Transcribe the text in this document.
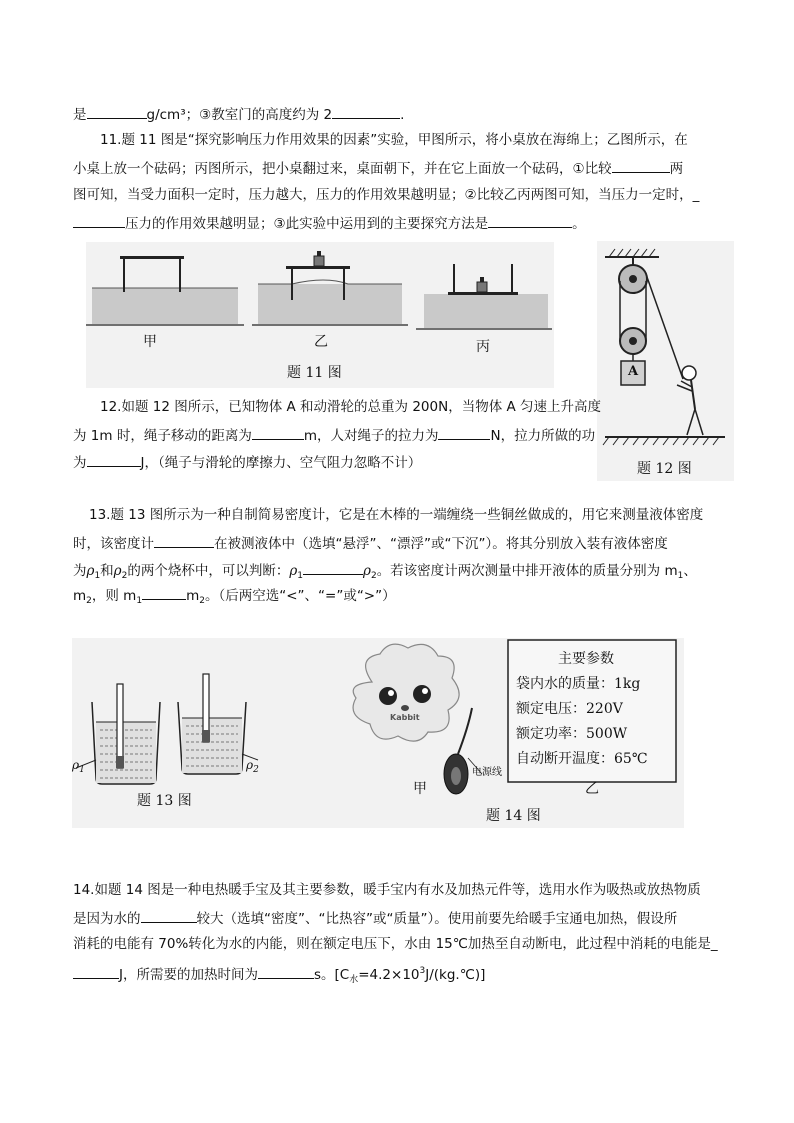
是	g/cm³；③教室门的高度约为 2	.
11.题 11 图是“探究影响压力作用效果的因素”实验，甲图所示，将小桌放在海绵上；乙图所示，在
小桌上放一个砝码；丙图所示，把小桌翻过来，桌面朝下，并在它上面放一个砝码，①比较	两
图可知，当受力面积一定时，压力越大，压力的作用效果越明显；②比较乙丙两图可知，当压力一定时，_
压力的作用效果越明显；③此实验中运用到的主要探究方法是	。
甲	乙	丙
题 11 图	A
题 12 图
12.如题 12 图所示，已知物体 A 和动滑轮的总重为 200N，当物体 A 匀速上升高度
为 1m 时，绳子移动的距离为	m，人对绳子的拉力为	N，拉力所做的功
为	J，（绳子与滑轮的摩擦力、空气阻力忽略不计）
13.题 13 图所示为一种自制简易密度计，它是在木棒的一端缠绕一些铜丝做成的，用它来测量液体密度
时，该密度计	在被测液体中（选填“悬浮”、“漂浮”或“下沉”）。将其分别放入装有液体密度
为$\rho_1$和$\rho_2$的两个烧杯中，可以判断：$\rho_1$	$\rho_2$。若该密度计两次测量中排开液体的质量分别为 $m_1$、
$m_2$，则 $m_1$	$m_2$。（后两空选“<”、“=”或“>”）
$\rho_1$	$\rho_2$
题 13 图
Kabbit
电源线
甲	乙
题 14 图
主要参数
袋内水的质量：1kg
额定电压：220V
额定功率：500W
自动断开温度：65℃
14.如题 14 图是一种电热暖手宝及其主要参数，暖手宝内有水及加热元件等，选用水作为吸热或放热物质
是因为水的	较大（选填“密度”、“比热容”或“质量”）。使用前要先给暖手宝通电加热，假设所
消耗的电能有 70%转化为水的内能，则在额定电压下，水由 15℃加热至自动断电，此过程中消耗的电能是_
J，所需要的加热时间为	s。$[C_水=4.2\times 10^3J/(kg.℃)]$
